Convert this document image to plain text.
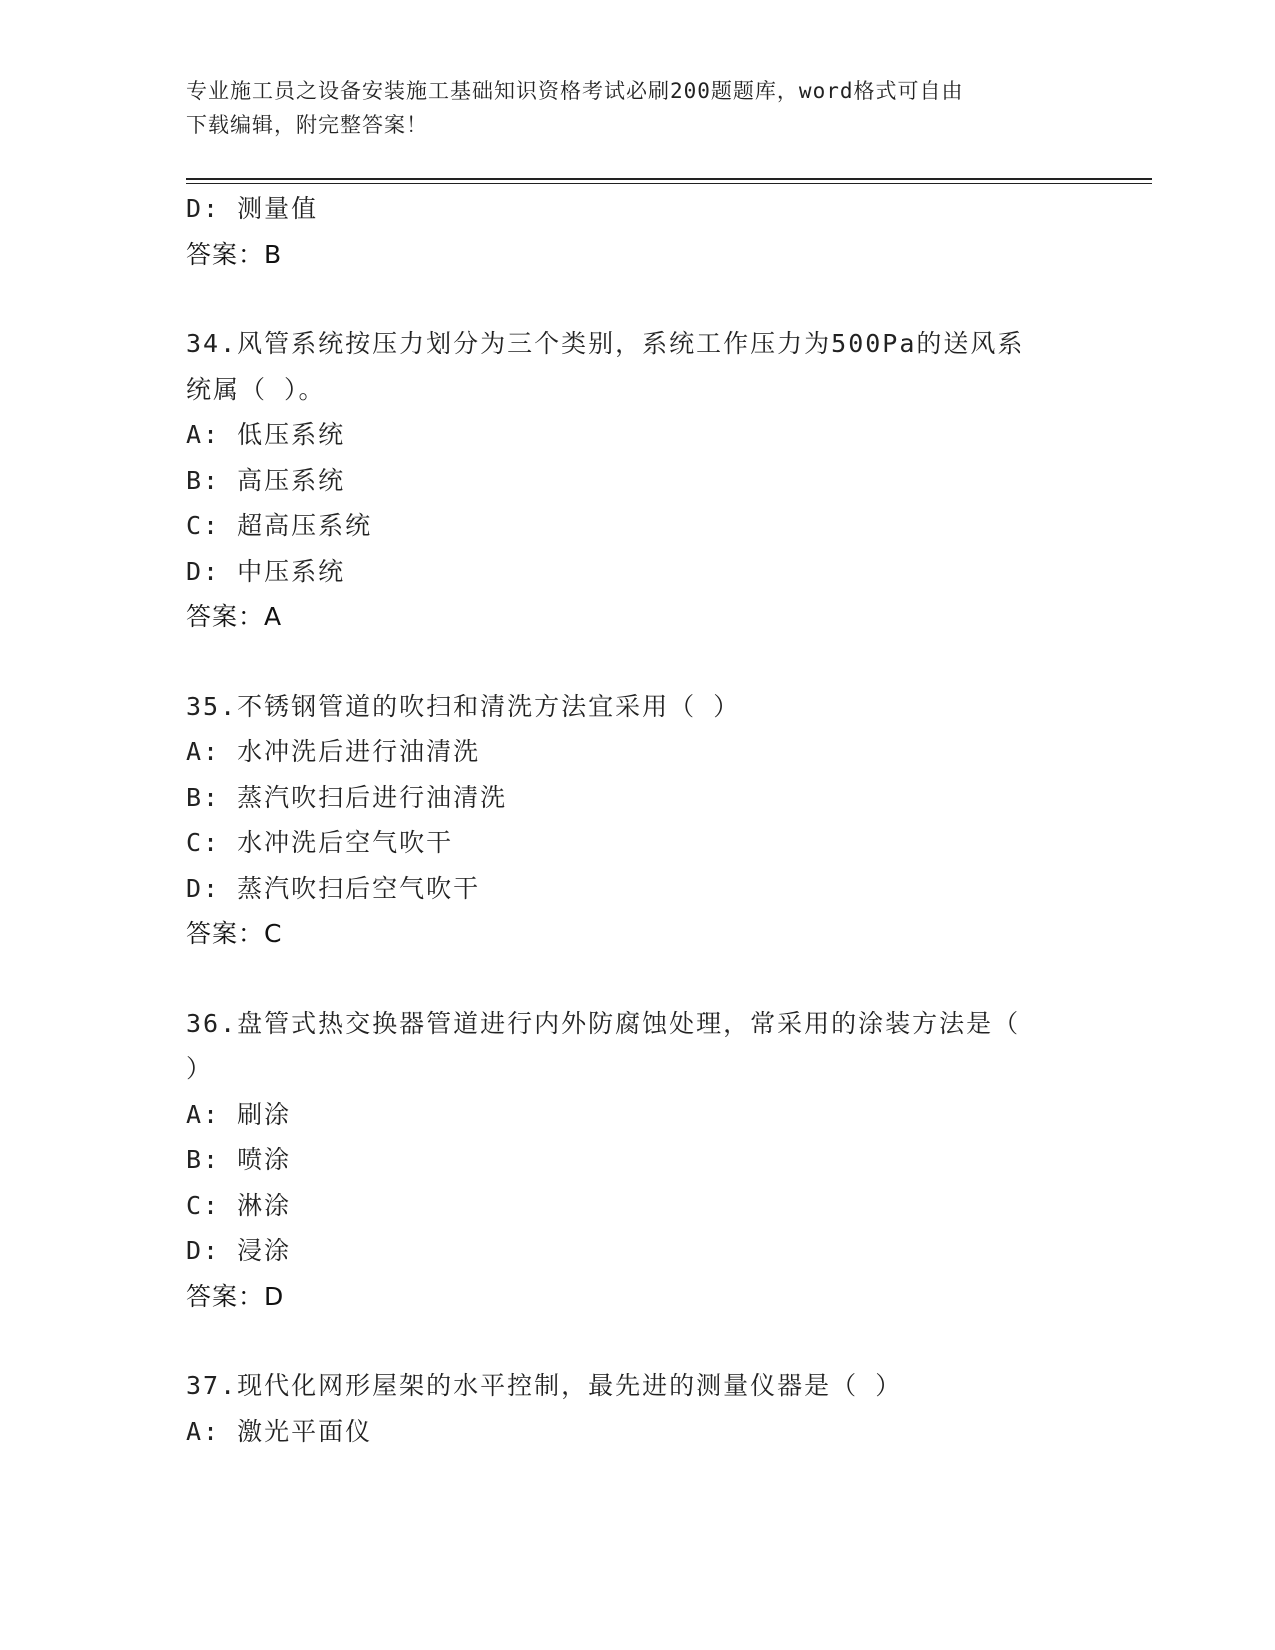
专业施工员之设备安装施工基础知识资格考试必刷200题题库，word格式可自由
下载编辑，附完整答案！
D: 测量值
答案：B
34.风管系统按压力划分为三个类别，系统工作压力为500Pa的送风系
统属（ ）。
A: 低压系统
B: 高压系统
C: 超高压系统
D: 中压系统
答案：A
35.不锈钢管道的吹扫和清洗方法宜采用（ ）
A: 水冲洗后进行油清洗
B: 蒸汽吹扫后进行油清洗
C: 水冲洗后空气吹干
D: 蒸汽吹扫后空气吹干
答案：C
36.盘管式热交换器管道进行内外防腐蚀处理，常采用的涂装方法是（
）
A: 刷涂
B: 喷涂
C: 淋涂
D: 浸涂
答案：D
37.现代化网形屋架的水平控制，最先进的测量仪器是（ ）
A: 激光平面仪
